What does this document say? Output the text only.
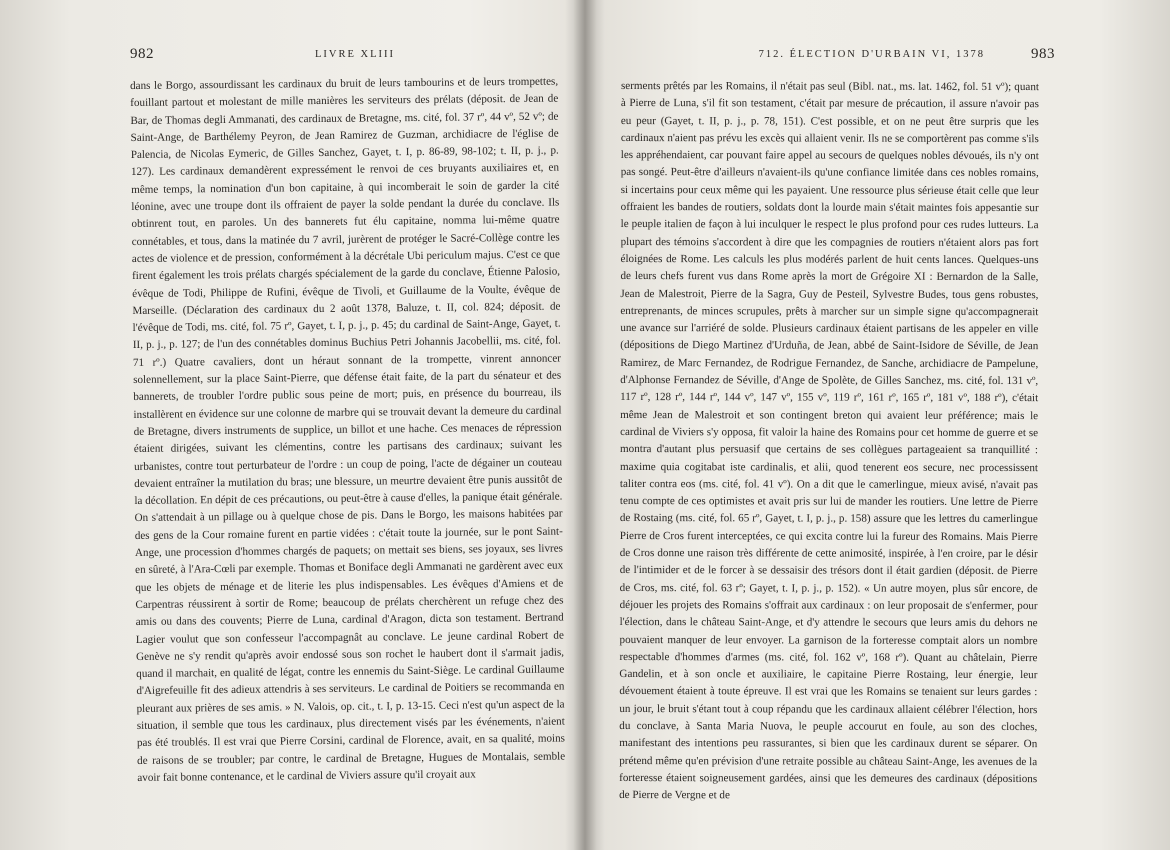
982	LIVRE XLIII

dans le Borgo, assourdissant les cardinaux du bruit de leurs tambourins et de leurs trompettes, fouillant partout et molestant de mille manières les serviteurs des prélats (déposit. de Jean de Bar, de Thomas degli Ammanati, des cardinaux de Bretagne, ms. cité, fol. 37 rº, 44 vº, 52 vº; de Saint-Ange, de Barthélemy Peyron, de Jean Ramirez de Guzman, archidiacre de l'église de Palencia, de Nicolas Eymeric, de Gilles Sanchez, Gayet, t. I, p. 86-89, 98-102; t. II, p. j., p. 127). Les cardinaux demandèrent expressément le renvoi de ces bruyants auxiliaires et, en même temps, la nomination d'un bon capitaine, à qui incomberait le soin de garder la cité léonine, avec une troupe dont ils offraient de payer la solde pendant la durée du conclave. Ils obtinrent tout, en paroles. Un des bannerets fut élu capitaine, nomma lui-même quatre connétables, et tous, dans la matinée du 7 avril, jurèrent de protéger le Sacré-Collège contre les actes de violence et de pression, conformément à la décrétale Ubi periculum majus. C'est ce que firent également les trois prélats chargés spécialement de la garde du conclave, Étienne Palosio, évêque de Todi, Philippe de Rufini, évêque de Tivoli, et Guillaume de la Voulte, évêque de Marseille. (Déclaration des cardinaux du 2 août 1378, Baluze, t. II, col. 824; déposit. de l'évêque de Todi, ms. cité, fol. 75 rº, Gayet, t. I, p. j., p. 45; du cardinal de Saint-Ange, Gayet, t. II, p. j., p. 127; de l'un des connétables dominus Buchius Petri Johannis Jacobellii, ms. cité, fol. 71 rº.) Quatre cavaliers, dont un héraut sonnant de la trompette, vinrent annoncer solennellement, sur la place Saint-Pierre, que défense était faite, de la part du sénateur et des bannerets, de troubler l'ordre public sous peine de mort; puis, en présence du bourreau, ils installèrent en évidence sur une colonne de marbre qui se trouvait devant la demeure du cardinal de Bretagne, divers instruments de supplice, un billot et une hache. Ces menaces de répression étaient dirigées, suivant les clémentins, contre les partisans des cardinaux; suivant les urbanistes, contre tout perturbateur de l'ordre : un coup de poing, l'acte de dégainer un couteau devaient entraîner la mutilation du bras; une blessure, un meurtre devaient être punis aussitôt de la décollation. En dépit de ces précautions, ou peut-être à cause d'elles, la panique était générale. On s'attendait à un pillage ou à quelque chose de pis. Dans le Borgo, les maisons habitées par des gens de la Cour romaine furent en partie vidées : c'était toute la journée, sur le pont Saint-Ange, une procession d'hommes chargés de paquets; on mettait ses biens, ses joyaux, ses livres en sûreté, à l'Ara-Cœli par exemple. Thomas et Boniface degli Ammanati ne gardèrent avec eux que les objets de ménage et de literie les plus indispensables. Les évêques d'Amiens et de Carpentras réussirent à sortir de Rome; beaucoup de prélats cherchèrent un refuge chez des amis ou dans des couvents; Pierre de Luna, cardinal d'Aragon, dicta son testament. Bertrand Lagier voulut que son confesseur l'accompagnât au conclave. Le jeune cardinal Robert de Genève ne s'y rendit qu'après avoir endossé sous son rochet le haubert dont il s'armait jadis, quand il marchait, en qualité de légat, contre les ennemis du Saint-Siège. Le cardinal Guillaume d'Aigrefeuille fit des adieux attendris à ses serviteurs. Le cardinal de Poitiers se recommanda en pleurant aux prières de ses amis. » N. Valois, op. cit., t. I, p. 13-15. Ceci n'est qu'un aspect de la situation, il semble que tous les cardinaux, plus directement visés par les événements, n'aient pas été troublés. Il est vrai que Pierre Corsini, cardinal de Florence, avait, en sa qualité, moins de raisons de se troubler; par contre, le cardinal de Bretagne, Hugues de Montalais, semble avoir fait bonne contenance, et le cardinal de Viviers assure qu'il croyait aux

712. ÉLECTION D'URBAIN VI, 1378	983

serments prêtés par les Romains, il n'était pas seul (Bibl. nat., ms. lat. 1462, fol. 51 vº); quant à Pierre de Luna, s'il fit son testament, c'était par mesure de précaution, il assure n'avoir pas eu peur (Gayet, t. II, p. j., p. 78, 151). C'est possible, et on ne peut être surpris que les cardinaux n'aient pas prévu les excès qui allaient venir. Ils ne se comportèrent pas comme s'ils les appréhendaient, car pouvant faire appel au secours de quelques nobles dévoués, ils n'y ont pas songé. Peut-être d'ailleurs n'avaient-ils qu'une confiance limitée dans ces nobles romains, si incertains pour ceux même qui les payaient. Une ressource plus sérieuse était celle que leur offraient les bandes de routiers, soldats dont la lourde main s'était maintes fois appesantie sur le peuple italien de façon à lui inculquer le respect le plus profond pour ces rudes lutteurs. La plupart des témoins s'accordent à dire que les compagnies de routiers n'étaient alors pas fort éloignées de Rome. Les calculs les plus modérés parlent de huit cents lances. Quelques-uns de leurs chefs furent vus dans Rome après la mort de Grégoire XI : Bernardon de la Salle, Jean de Malestroit, Pierre de la Sagra, Guy de Pesteil, Sylvestre Budes, tous gens robustes, entreprenants, de minces scrupules, prêts à marcher sur un simple signe qu'accompagnerait une avance sur l'arriéré de solde. Plusieurs cardinaux étaient partisans de les appeler en ville (dépositions de Diego Martinez d'Urduña, de Jean, abbé de Saint-Isidore de Séville, de Jean Ramirez, de Marc Fernandez, de Rodrigue Fernandez, de Sanche, archidiacre de Pampelune, d'Alphonse Fernandez de Séville, d'Ange de Spolète, de Gilles Sanchez, ms. cité, fol. 131 vº, 117 rº, 128 rº, 144 rº, 144 vº, 147 vº, 155 vº, 119 rº, 161 rº, 165 rº, 181 vº, 188 rº), c'était même Jean de Malestroit et son contingent breton qui avaient leur préférence; mais le cardinal de Viviers s'y opposa, fit valoir la haine des Romains pour cet homme de guerre et se montra d'autant plus persuasif que certains de ses collègues partageaient sa tranquillité : maxime quia cogitabat iste cardinalis, et alii, quod tenerent eos secure, nec processissent taliter contra eos (ms. cité, fol. 41 vº). On a dit que le camerlingue, mieux avisé, n'avait pas tenu compte de ces optimistes et avait pris sur lui de mander les routiers. Une lettre de Pierre de Rostaing (ms. cité, fol. 65 rº, Gayet, t. I, p. j., p. 158) assure que les lettres du camerlingue Pierre de Cros furent interceptées, ce qui excita contre lui la fureur des Romains. Mais Pierre de Cros donne une raison très différente de cette animosité, inspirée, à l'en croire, par le désir de l'intimider et de le forcer à se dessaisir des trésors dont il était gardien (déposit. de Pierre de Cros, ms. cité, fol. 63 rº; Gayet, t. I, p. j., p. 152). « Un autre moyen, plus sûr encore, de déjouer les projets des Romains s'offrait aux cardinaux : on leur proposait de s'enfermer, pour l'élection, dans le château Saint-Ange, et d'y attendre le secours que leurs amis du dehors ne pouvaient manquer de leur envoyer. La garnison de la forteresse comptait alors un nombre respectable d'hommes d'armes (ms. cité, fol. 162 vº, 168 rº). Quant au châtelain, Pierre Gandelin, et à son oncle et auxiliaire, le capitaine Pierre Rostaing, leur énergie, leur dévouement étaient à toute épreuve. Il est vrai que les Romains se tenaient sur leurs gardes : un jour, le bruit s'étant tout à coup répandu que les cardinaux allaient célébrer l'élection, hors du conclave, à Santa Maria Nuova, le peuple accourut en foule, au son des cloches, manifestant des intentions peu rassurantes, si bien que les cardinaux durent se séparer. On prétend même qu'en prévision d'une retraite possible au château Saint-Ange, les avenues de la forteresse étaient soigneusement gardées, ainsi que les demeures des cardinaux (dépositions de Pierre de Vergne et de
